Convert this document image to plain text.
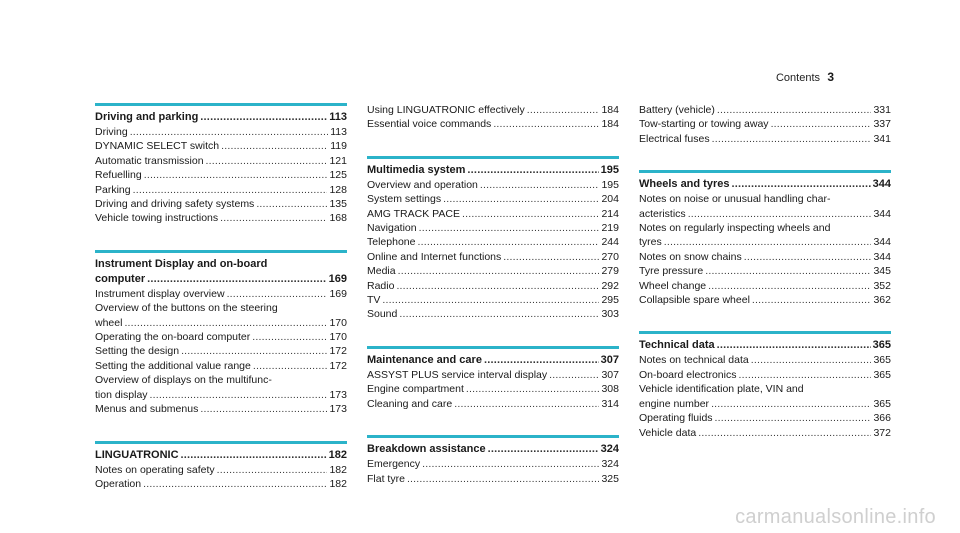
Contents 3
Driving and parking .....	113
Driving .....	113
DYNAMIC SELECT switch .....	119
Automatic transmission .....	121
Refuelling .....	125
Parking .....	128
Driving and driving safety systems .....	135
Vehicle towing instructions .....	168
Instrument Display and on-board
computer .....	169
Instrument display overview .....	169
Overview of the buttons on the steering
wheel .....	170
Operating the on-board computer .....	170
Setting the design .....	172
Setting the additional value range .....	172
Overview of displays on the multifunc-
tion display .....	173
Menus and submenus .....	173
LINGUATRONIC .....	182
Notes on operating safety .....	182
Operation .....	182
Using LINGUATRONIC effectively .....	184
Essential voice commands .....	184
Multimedia system .....	195
Overview and operation .....	195
System settings .....	204
AMG TRACK PACE .....	214
Navigation .....	219
Telephone .....	244
Online and Internet functions .....	270
Media .....	279
Radio .....	292
TV .....	295
Sound .....	303
Maintenance and care .....	307
ASSYST PLUS service interval display .....	307
Engine compartment .....	308
Cleaning and care .....	314
Breakdown assistance .....	324
Emergency .....	324
Flat tyre .....	325
Battery (vehicle) .....	331
Tow-starting or towing away .....	337
Electrical fuses .....	341
Wheels and tyres .....	344
Notes on noise or unusual handling char-
acteristics .....	344
Notes on regularly inspecting wheels and
tyres .....	344
Notes on snow chains .....	344
Tyre pressure .....	345
Wheel change .....	352
Collapsible spare wheel .....	362
Technical data .....	365
Notes on technical data .....	365
On-board electronics .....	365
Vehicle identification plate, VIN and
engine number .....	365
Operating fluids .....	366
Vehicle data .....	372
carmanualsonline.info
